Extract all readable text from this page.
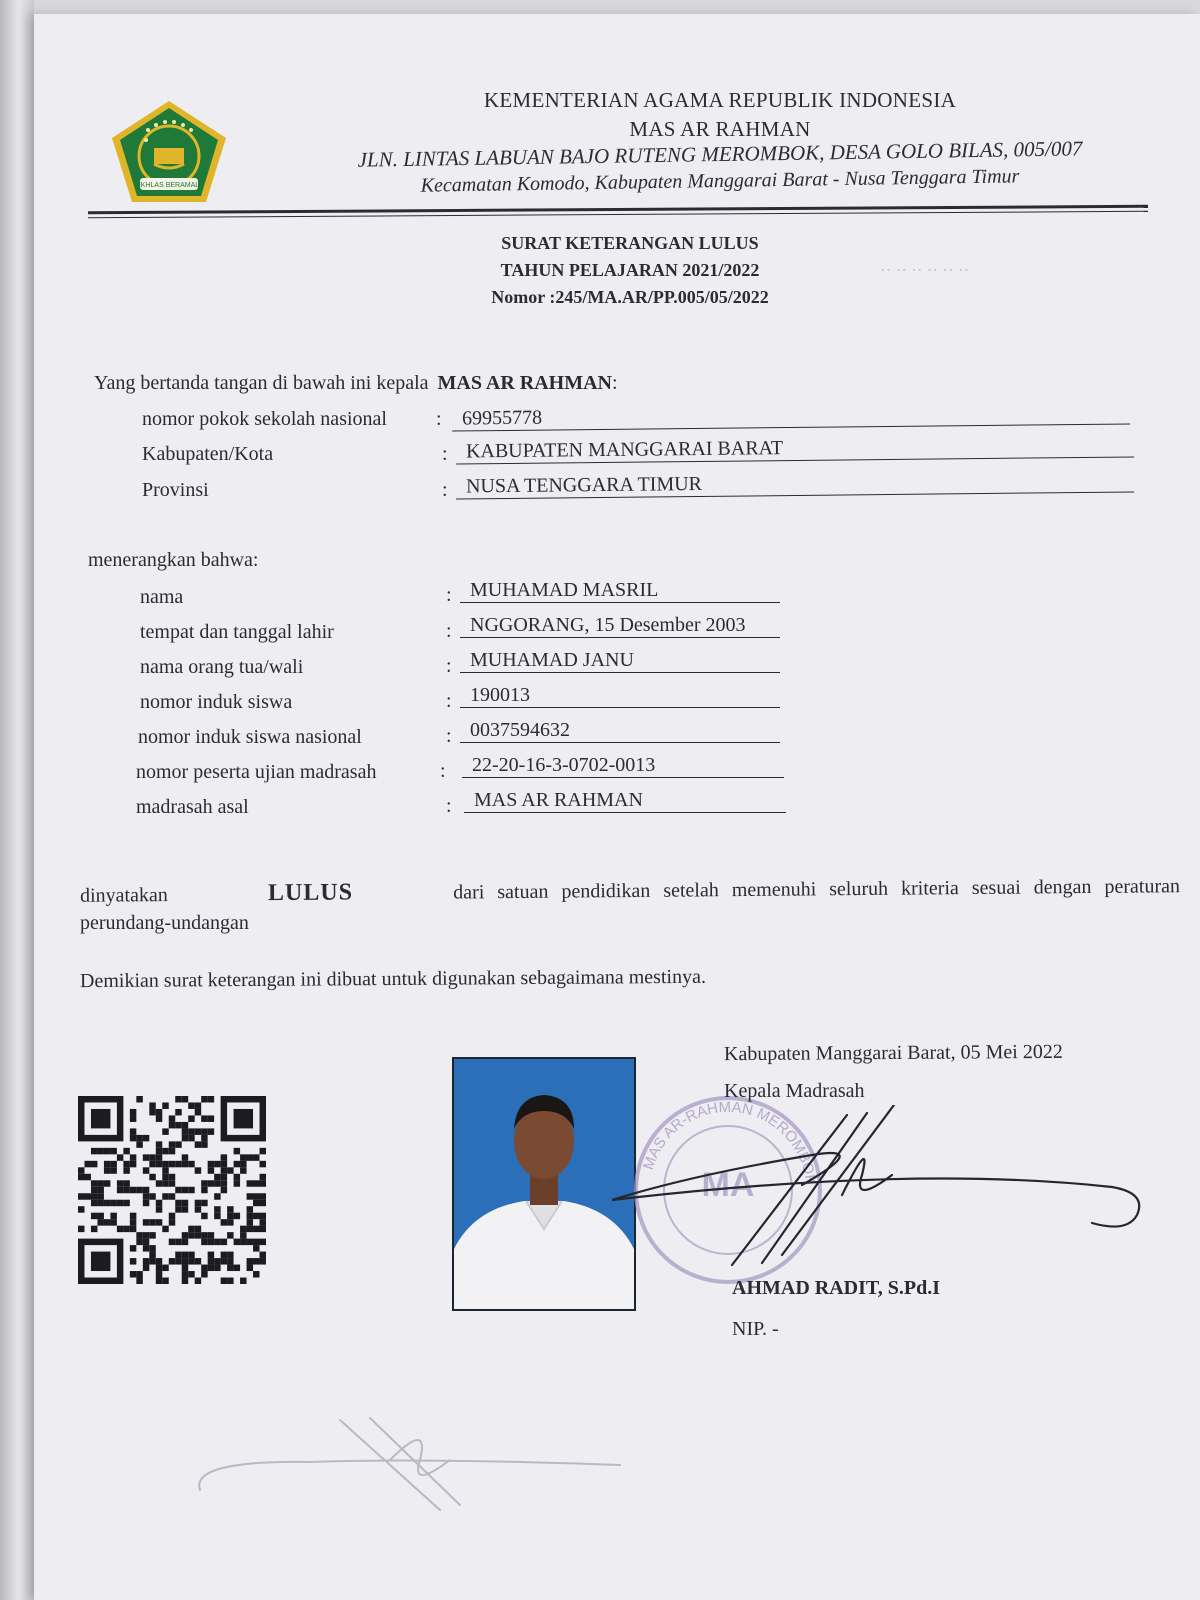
IKHLAS BERAMAL
KEMENTERIAN AGAMA REPUBLIK INDONESIA
MAS AR RAHMAN
JLN. LINTAS LABUAN BAJO RUTENG MEROMBOK, DESA GOLO BILAS, 005/007
Kecamatan Komodo, Kabupaten Manggarai Barat - Nusa Tenggara Timur
SURAT KETERANGAN LULUS
TAHUN PELAJARAN 2021/2022
Nomor :245/MA.AR/PP.005/05/2022
Yang bertanda tangan di bawah ini kepala MAS AR RAHMAN:
nomor pokok sekolah nasional :	69955778
Kabupaten/Kota	: KABUPATEN MANGGARAI BARAT
Provinsi	: NUSA TENGGARA TIMUR
‥ ‥ ‥ ‥ ‥ ‥
menerangkan bahwa:
nama	: MUHAMAD MASRIL
tempat dan tanggal lahir	: NGGORANG, 15 Desember 2003
nama orang tua/wali	: MUHAMAD JANU
nomor induk siswa	: 190013
nomor induk siswa nasional	: 0037594632
nomor peserta ujian madrasah	:	22-20-16-3-0702-0013
madrasah asal	:	MAS AR RAHMAN
dinyatakan	LULUS	dari satuan pendidikan setelah memenuhi seluruh kriteria sesuai dengan peraturan
perundang-undangan
Demikian surat keterangan ini dibuat untuk digunakan sebagaimana mestinya.
MAS AR-RAHMAN MEROMBOK
MA
Kabupaten Manggarai Barat, 05 Mei 2022
Kepala Madrasah
AHMAD RADIT, S.Pd.I
NIP. -
